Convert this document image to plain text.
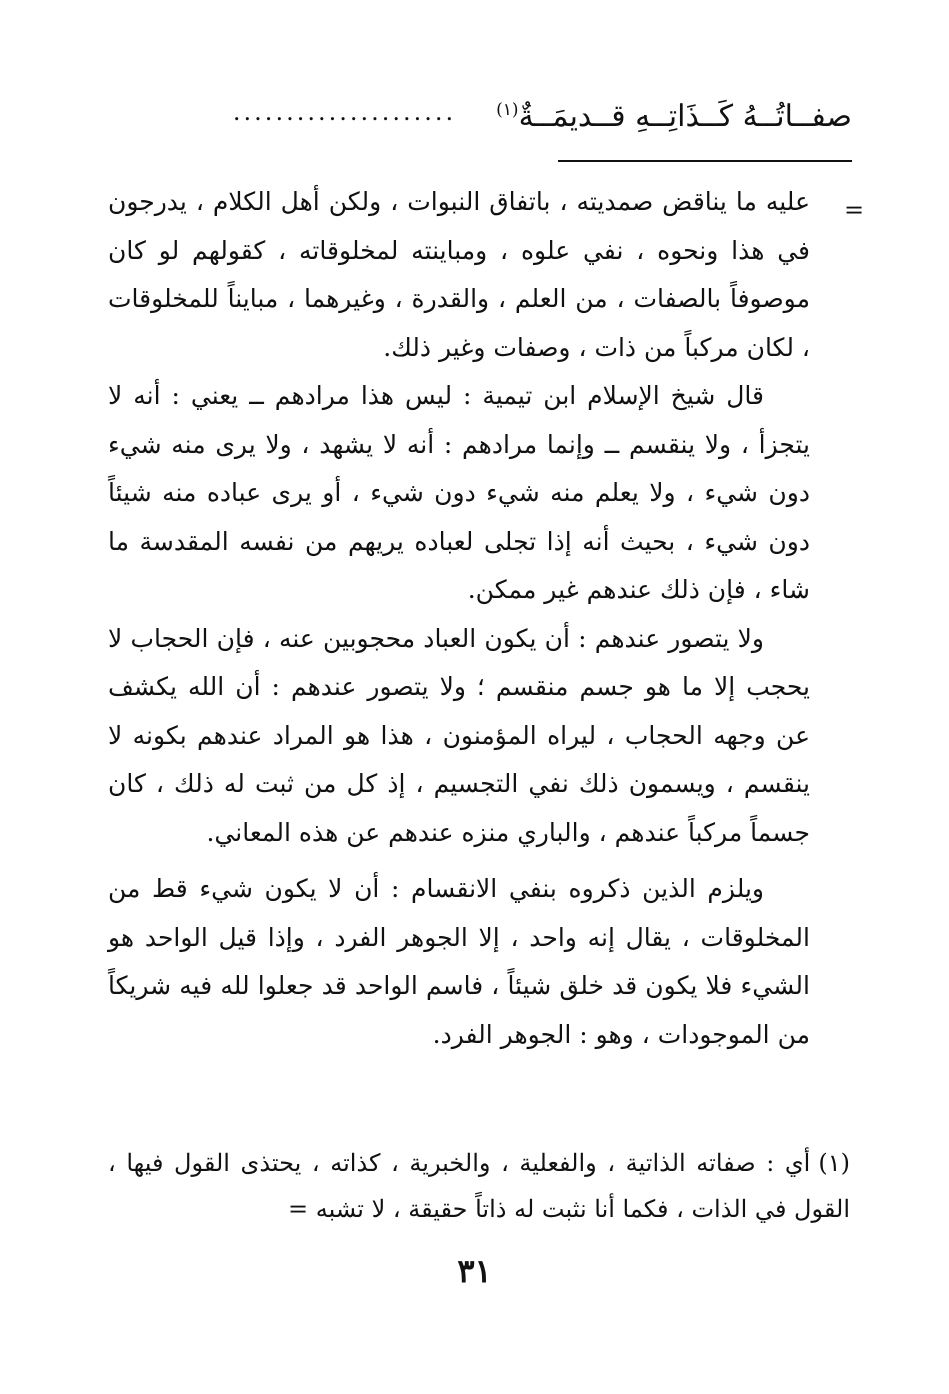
صفــاتُــهُ كَــذَاتِــهِ قــديمَــةٌ$^{(١)}$
.....................
=

عليه ما يناقض صمديته ، باتفاق النبوات ، ولكن أهل الكلام ، يدرجون في هذا ونحوه ، نفي علوه ، ومباينته لمخلوقاته ، كقولهم لو كان موصوفاً بالصفات ، من العلم ، والقدرة ، وغيرهما ، مبايناً للمخلوقات ، لكان مركباً من ذات ، وصفات وغير ذلك.

قال شيخ الإسلام ابن تيمية : ليس هذا مرادهم ــ يعني : أنه لا يتجزأ ، ولا ينقسم ــ وإنما مرادهم : أنه لا يشهد ، ولا يرى منه شيء دون شيء ، ولا يعلم منه شيء دون شيء ، أو يرى عباده منه شيئاً دون شيء ، بحيث أنه إذا تجلى لعباده يريهم من نفسه المقدسة ما شاء ، فإن ذلك عندهم غير ممكن.

ولا يتصور عندهم : أن يكون العباد محجوبين عنه ، فإن الحجاب لا يحجب إلا ما هو جسم منقسم ؛ ولا يتصور عندهم : أن الله يكشف عن وجهه الحجاب ، ليراه المؤمنون ، هذا هو المراد عندهم بكونه لا ينقسم ، ويسمون ذلك نفي التجسيم ، إذ كل من ثبت له ذلك ، كان جسماً مركباً عندهم ، والباري منزه عندهم عن هذه المعاني.

ويلزم الذين ذكروه بنفي الانقسام : أن لا يكون شيء قط من المخلوقات ، يقال إنه واحد ، إلا الجوهر الفرد ، وإذا قيل الواحد هو الشيء فلا يكون قد خلق شيئاً ، فاسم الواحد قد جعلوا لله فيه شريكاً من الموجودات ، وهو : الجوهر الفرد.

(١)أي : صفاته الذاتية ، والفعلية ، والخبرية ، كذاته ، يحتذى القول فيها ، القول في الذات ، فكما أنا نثبت له ذاتاً حقيقة ، لا تشبه =

٣١
